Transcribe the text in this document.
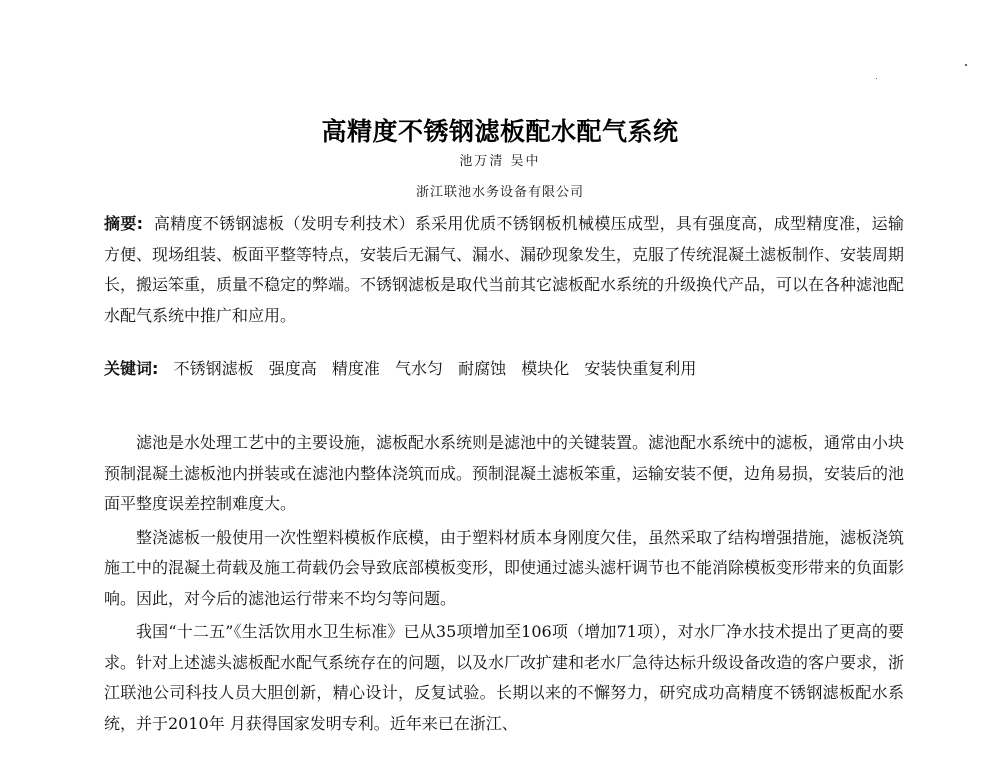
高精度不锈钢滤板配水配气系统
池万清 吴中
浙江联池水务设备有限公司
摘要: 高精度不锈钢滤板（发明专利技术）系采用优质不锈钢板机械模压成型，具有强度高，成型精度准，运输方便、现场组装、板面平整等特点，安装后无漏气、漏水、漏砂现象发生，克服了传统混凝土滤板制作、安装周期长，搬运笨重，质量不稳定的弊端。不锈钢滤板是取代当前其它滤板配水系统的升级换代产品，可以在各种滤池配水配气系统中推广和应用。
关键词: 不锈钢滤板 强度高 精度准 气水匀 耐腐蚀 模块化 安装快重复利用

滤池是水处理工艺中的主要设施，滤板配水系统则是滤池中的关键装置。滤池配水系统中的滤板，通常由小块预制混凝土滤板池内拼装或在滤池内整体浇筑而成。预制混凝土滤板笨重，运输安装不便，边角易损，安装后的池面平整度误差控制难度大。

整浇滤板一般使用一次性塑料模板作底模，由于塑料材质本身刚度欠佳，虽然采取了结构增强措施，滤板浇筑施工中的混凝土荷载及施工荷载仍会导致底部模板变形，即使通过滤头滤杆调节也不能消除模板变形带来的负面影响。因此，对今后的滤池运行带来不均匀等问题。

我国“十二五”《生活饮用水卫生标准》已从35项增加至106项（增加71项），对水厂净水技术提出了更高的要求。针对上述滤头滤板配水配气系统存在的问题，以及水厂改扩建和老水厂急待达标升级设备改造的客户要求，浙江联池公司科技人员大胆创新，精心设计，反复试验。长期以来的不懈努力，研究成功高精度不锈钢滤板配水系统，并于2010年 月获得国家发明专利。近年来已在浙江、
